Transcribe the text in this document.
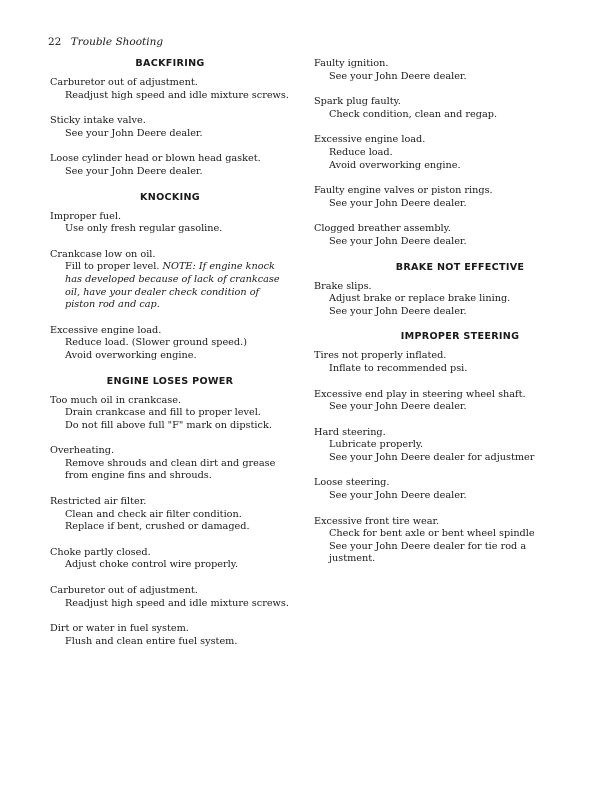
22 Trouble Shooting
BACKFIRING
Carburetor out of adjustment.
Readjust high speed and idle mixture screws.
Sticky intake valve.
See your John Deere dealer.
Loose cylinder head or blown head gasket.
See your John Deere dealer.
KNOCKING
Improper fuel.
Use only fresh regular gasoline.
Crankcase low on oil.
Fill to proper level. NOTE: If engine knock has developed because of lack of crankcase oil, have your dealer check condition of piston rod and cap.
Excessive engine load.
Reduce load. (Slower ground speed.)
Avoid overworking engine.
ENGINE LOSES POWER
Too much oil in crankcase.
Drain crankcase and fill to proper level.
Do not fill above full "F" mark on dipstick.
Overheating.
Remove shrouds and clean dirt and grease from engine fins and shrouds.
Restricted air filter.
Clean and check air filter condition.
Replace if bent, crushed or damaged.
Choke partly closed.
Adjust choke control wire properly.
Carburetor out of adjustment.
Readjust high speed and idle mixture screws.
Dirt or water in fuel system.
Flush and clean entire fuel system.
Faulty ignition.
See your John Deere dealer.
Spark plug faulty.
Check condition, clean and regap.
Excessive engine load.
Reduce load.
Avoid overworking engine.
Faulty engine valves or piston rings.
See your John Deere dealer.
Clogged breather assembly.
See your John Deere dealer.
BRAKE NOT EFFECTIVE
Brake slips.
Adjust brake or replace brake lining.
See your John Deere dealer.
IMPROPER STEERING
Tires not properly inflated.
Inflate to recommended psi.
Excessive end play in steering wheel shaft.
See your John Deere dealer.
Hard steering.
Lubricate properly.
See your John Deere dealer for adjustmer
Loose steering.
See your John Deere dealer.
Excessive front tire wear.
Check for bent axle or bent wheel spindle
See your John Deere dealer for tie rod a
justment.
